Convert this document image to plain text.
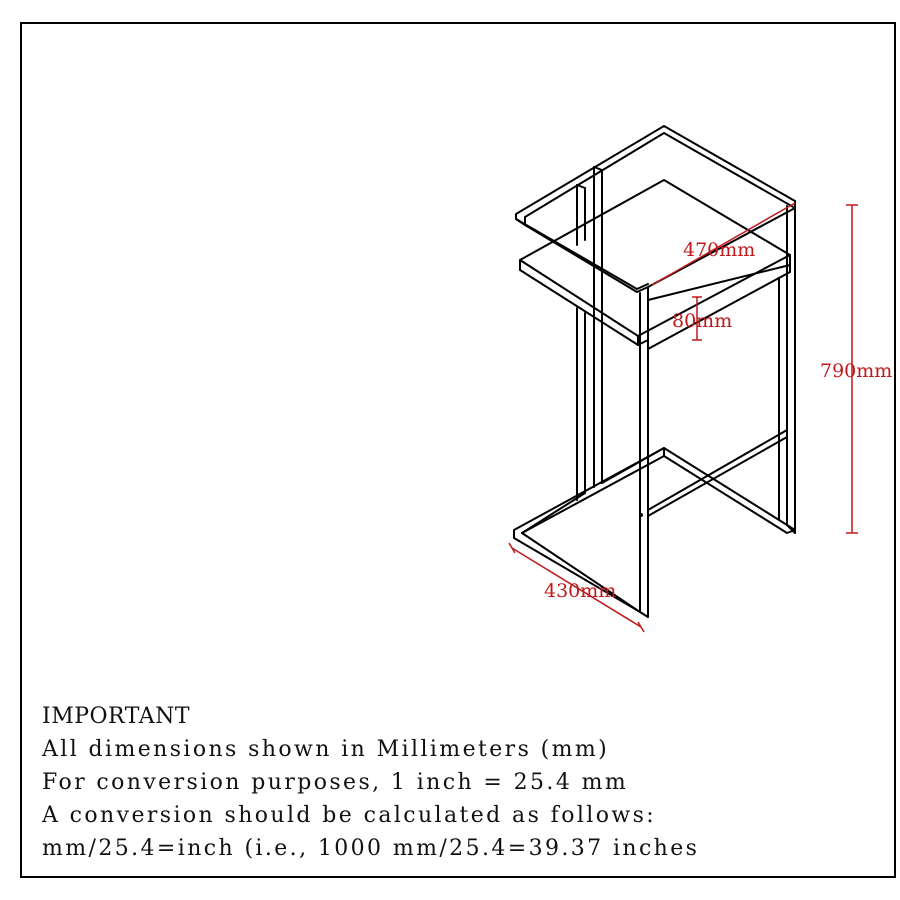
470mm
80mm
790mm
430mm
IMPORTANT
All dimensions shown in Millimeters (mm)
For conversion purposes, 1 inch = 25.4 mm
A conversion should be calculated as follows:
mm/25.4=inch (i.e., 1000 mm/25.4=39.37 inches
